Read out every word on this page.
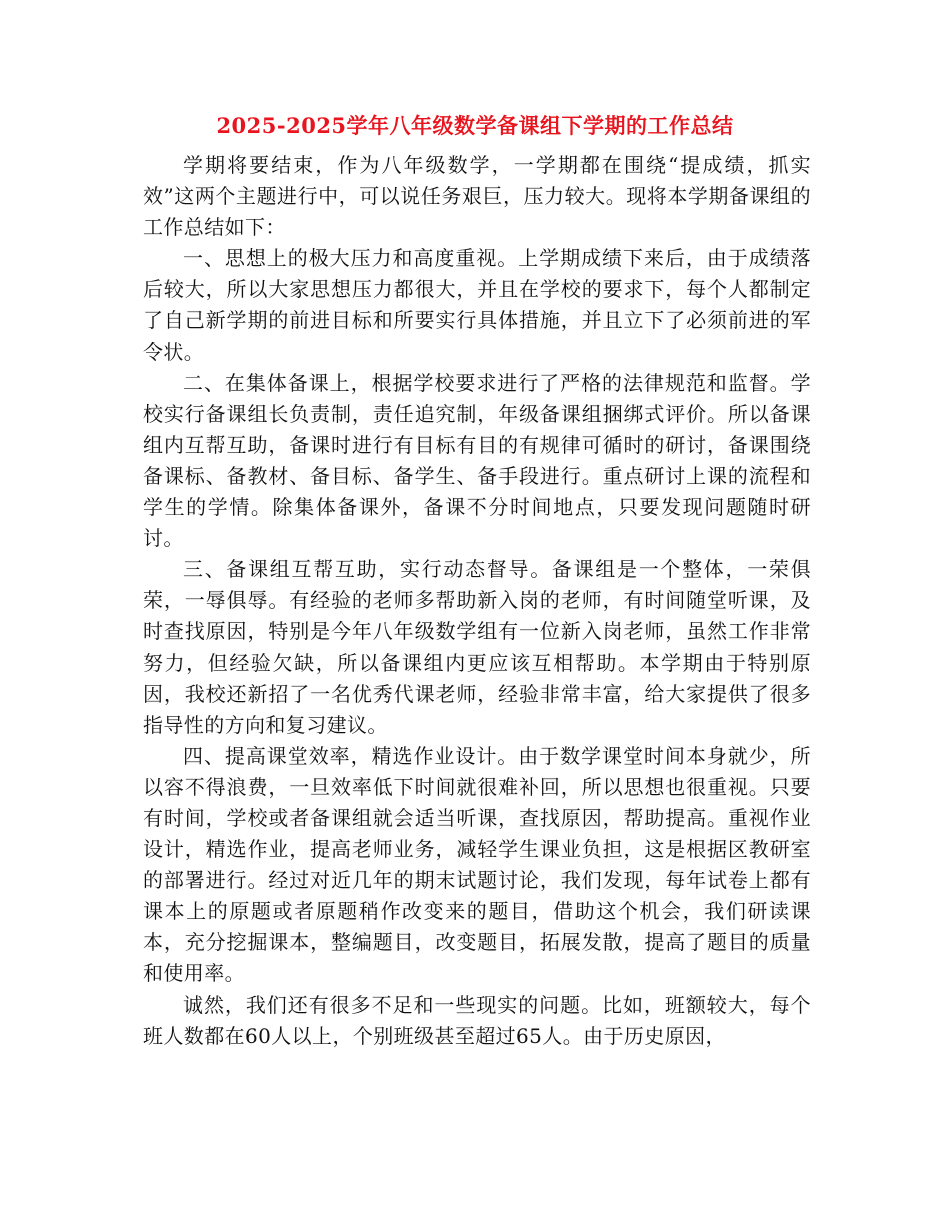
2025-2025学年八年级数学备课组下学期的工作总结

学期将要结束，作为八年级数学，一学期都在围绕“提成绩，抓实效”这两个主题进行中，可以说任务艰巨，压力较大。现将本学期备课组的工作总结如下：

一、思想上的极大压力和高度重视。上学期成绩下来后，由于成绩落后较大，所以大家思想压力都很大，并且在学校的要求下，每个人都制定了自己新学期的前进目标和所要实行具体措施，并且立下了必须前进的军令状。

二、在集体备课上，根据学校要求进行了严格的法律规范和监督。学校实行备课组长负责制，责任追究制，年级备课组捆绑式评价。所以备课组内互帮互助，备课时进行有目标有目的有规律可循时的研讨，备课围绕备课标、备教材、备目标、备学生、备手段进行。重点研讨上课的流程和学生的学情。除集体备课外，备课不分时间地点，只要发现问题随时研讨。

三、备课组互帮互助，实行动态督导。备课组是一个整体，一荣俱荣，一辱俱辱。有经验的老师多帮助新入岗的老师，有时间随堂听课，及时查找原因，特别是今年八年级数学组有一位新入岗老师，虽然工作非常努力，但经验欠缺，所以备课组内更应该互相帮助。本学期由于特别原因，我校还新招了一名优秀代课老师，经验非常丰富，给大家提供了很多指导性的方向和复习建议。

四、提高课堂效率，精选作业设计。由于数学课堂时间本身就少，所以容不得浪费，一旦效率低下时间就很难补回，所以思想也很重视。只要有时间，学校或者备课组就会适当听课，查找原因，帮助提高。重视作业设计，精选作业，提高老师业务，减轻学生课业负担，这是根据区教研室的部署进行。经过对近几年的期末试题讨论，我们发现，每年试卷上都有课本上的原题或者原题稍作改变来的题目，借助这个机会，我们研读课本，充分挖掘课本，整编题目，改变题目，拓展发散，提高了题目的质量和使用率。

诚然，我们还有很多不足和一些现实的问题。比如，班额较大，每个班人数都在60人以上，个别班级甚至超过65人。由于历史原因，
